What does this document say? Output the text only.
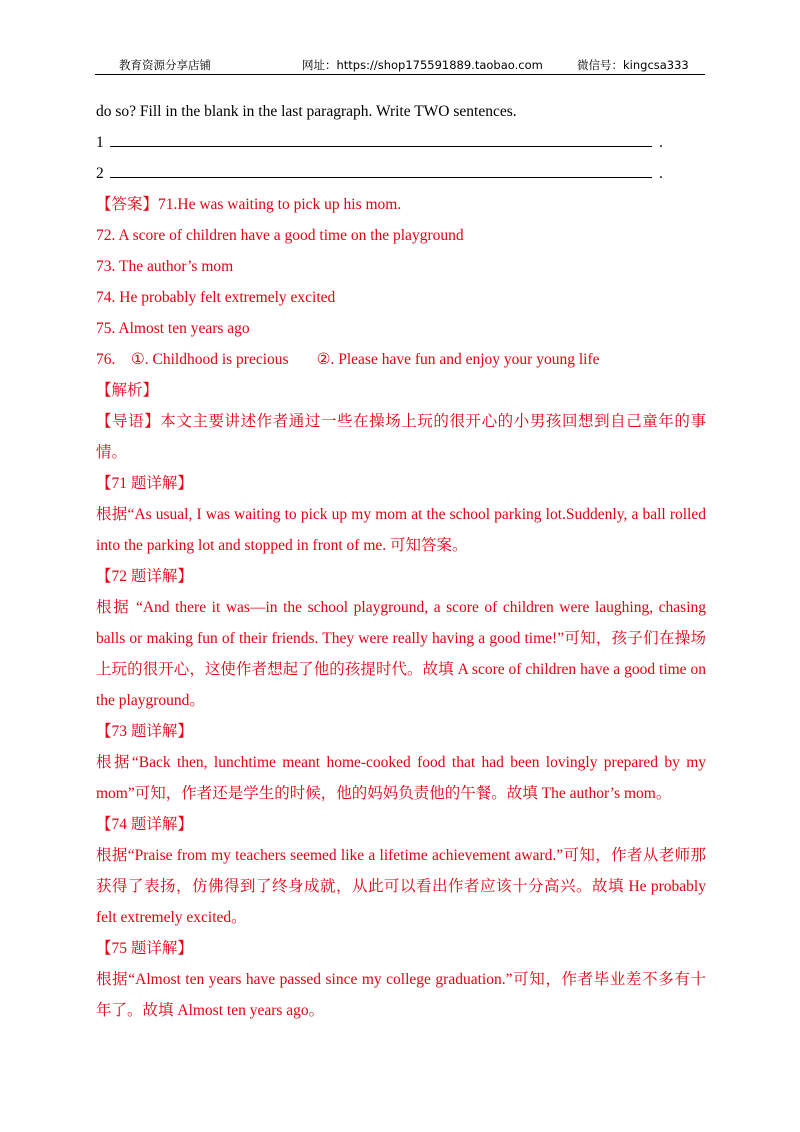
教育资源分享店铺	网址：https://shop175591889.taobao.com	微信号：kingcsa333
do so? Fill in the blank in the last paragraph. Write TWO sentences.
1	.
2	.
【答案】71.He was waiting to pick up his mom.
72. A score of children have a good time on the playground
73. The author’s mom
74. He probably felt extremely excited
75. Almost ten years ago
76. ①. Childhood is precious ②. Please have fun and enjoy your young life
【解析】
【导语】本文主要讲述作者通过一些在操场上玩的很开心的小男孩回想到自己童年的事情。
【71 题详解】
根据“As usual, I was waiting to pick up my mom at the school parking lot.Suddenly, a ball rolled into the parking lot and stopped in front of me. 可知答案。
【72 题详解】
根据 “And there it was—in the school playground, a score of children were laughing, chasing balls or making fun of their friends. They were really having a good time!”可知，孩子们在操场上玩的很开心，这使作者想起了他的孩提时代。故填 A score of children have a good time on the playground。
【73 题详解】
根据“Back then, lunchtime meant home-cooked food that had been lovingly prepared by my mom”可知，作者还是学生的时候，他的妈妈负责他的午餐。故填 The author’s mom。
【74 题详解】
根据“Praise from my teachers seemed like a lifetime achievement award.”可知，作者从老师那获得了表扬，仿佛得到了终身成就，从此可以看出作者应该十分高兴。故填 He probably felt extremely excited。
【75 题详解】
根据“Almost ten years have passed since my college graduation.”可知，作者毕业差不多有十年了。故填 Almost ten years ago。
